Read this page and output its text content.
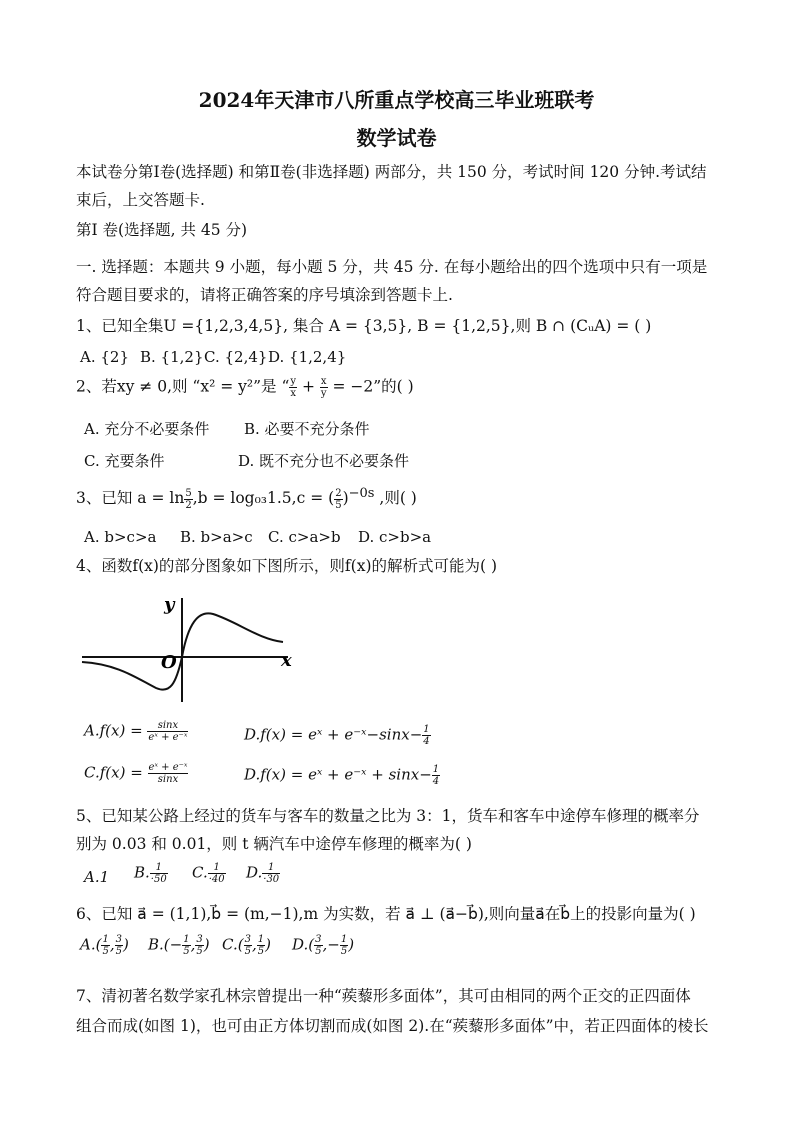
2024年天津市八所重点学校高三毕业班联考
数学试卷
本试卷分第Ⅰ卷(选择题) 和第Ⅱ卷(非选择题) 两部分，共 150 分，考试时间 120 分钟.考试结
束后，上交答题卡.
第Ⅰ 卷(选择题, 共 45 分)
一. 选择题：本题共 9 小题，每小题 5 分，共 45 分. 在每小题给出的四个选项中只有一项是
符合题目要求的，请将正确答案的序号填涂到答题卡上.
1、已知全集U ={1,2,3,4,5}, 集合 A = {3,5}, B = {1,2,5},则 B ∩ (CᵤA) = ( )
A. {2} B. {1,2} C. {2,4} D. {1,2,4}
2、若xy ≠ 0,则 “x² = y²”是 “ $\frac{y}{x} + \frac{x}{y} = -2$”的( )
A. 充分不必要条件 B. 必要不充分条件
C. 充要条件	D. 既不充分也不必要条件
3、已知 $a = \ln \frac{5}{2} ,b = \log_{03}1.5,c$ = ( $\frac{2}{5} )^{-0s}$ ,则( )
A. b>c>a B. b>a>c C. c>a>b D. c>b>a
4、函数f(x)的部分图象如下图所示，则f(x)的解析式可能为( )
y
x
O
$A.f(x) = \frac{\sin x}{\text{eˣ + e⁻ˣ}}$	D.f(x) = eˣ + e⁻ˣ−sinx− $\frac{1}{4}$
$C.f(x) = \frac{\text{eˣ + e⁻ˣ}}{\sin x}$	D.f(x) = eˣ + e⁻ˣ + $\sin x- \frac{1}{4}$
5、已知某公路上经过的货车与客车的数量之比为 3：1，货车和客车中途停车修理的概率分
别为 0.03 和 0.01，则 t 辆汽车中途停车修理的概率为( )
A.1 B. $\frac{1}{\cdot 50} C$. $\frac{1}{\cdot 40} D$. $\frac{1}{\cdot 30}$
6、已知 a⃗ = (1,1),b⃗ = (m,−1),m 为实数，若 a⃗ ⊥ (a⃗−b⃗),则向量a⃗在b⃗上的投影向量为( )
$A.( \frac{1}{5}$ , $\frac{3}{5}$ ) $B.(- \frac{1}{5}$ , $\frac{3}{5}$ ) $C.( \frac{3}{5}$ , $\frac{1}{5}$ ) $D.( \frac{3}{5}$ ,− $\frac{1}{5}$ )
7、清初著名数学家孔林宗曾提出一种“蒺藜形多面体”，其可由相同的两个正交的正四面体
组合而成(如图 1)，也可由正方体切割而成(如图 2).在“蒺藜形多面体”中，若正四面体的棱长
